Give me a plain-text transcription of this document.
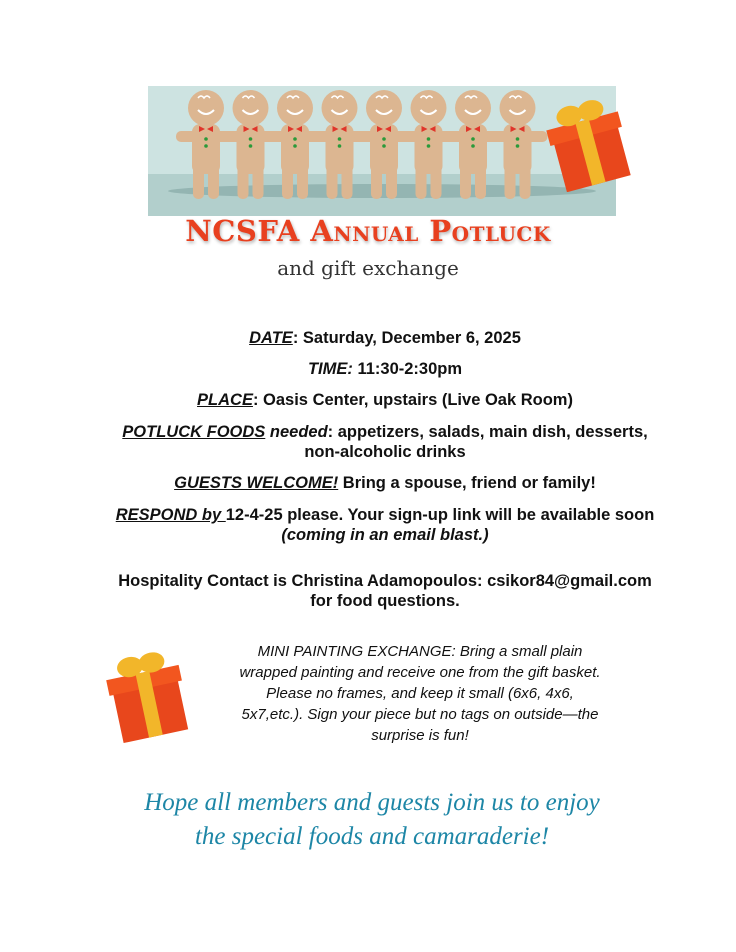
NCSFA Annual Potluck
and gift exchange
DATE: Saturday, December 6, 2025
TIME: 11:30-2:30pm
PLACE: Oasis Center, upstairs (Live Oak Room)
POTLUCK FOODS needed: appetizers, salads, main dish, desserts,
non-alcoholic drinks
GUESTS WELCOME! Bring a spouse, friend or family!
RESPOND by 12-4-25 please. Your sign-up link will be available soon
(coming in an email blast.)
Hospitality Contact is Christina Adamopoulos: csikor84@gmail.com
for food questions.
MINI PAINTING EXCHANGE: Bring a small plain
wrapped painting and receive one from the gift basket.
Please no frames, and keep it small (6x6, 4x6,
5x7,etc.). Sign your piece but no tags on outside—the
surprise is fun!
Hope all members and guests join us to enjoy
the special foods and camaraderie!
